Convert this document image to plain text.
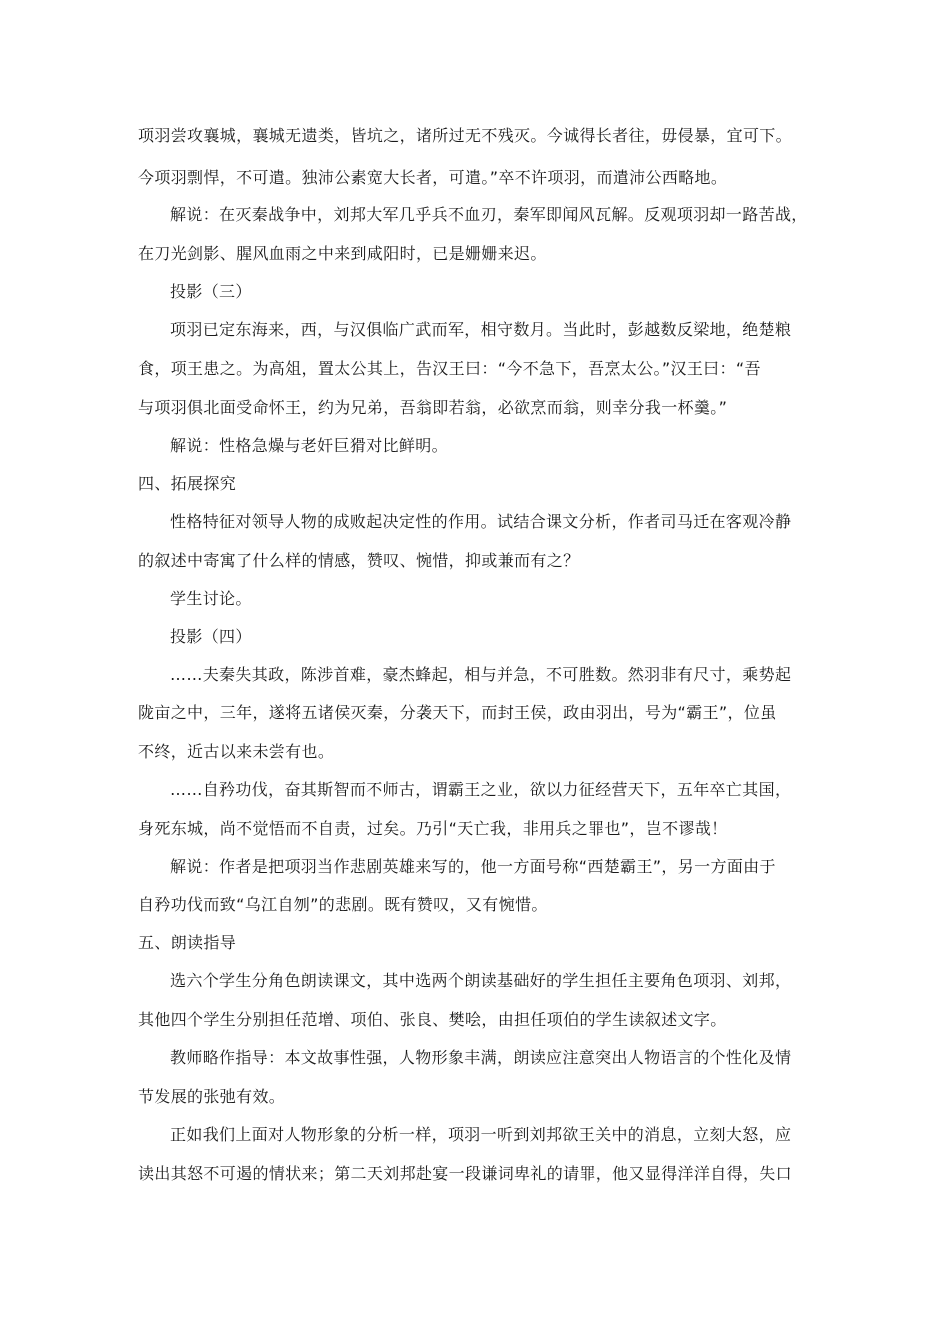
项羽尝攻襄城，襄城无遗类，皆坑之，诸所过无不残灭。今诚得长者往，毋侵暴，宜可下。
今项羽剽悍，不可遣。独沛公素宽大长者，可遣。”卒不许项羽，而遣沛公西略地。
解说：在灭秦战争中，刘邦大军几乎兵不血刃，秦军即闻风瓦解。反观项羽却一路苦战，
在刀光剑影、腥风血雨之中来到咸阳时，已是姗姗来迟。
投影（三）
项羽已定东海来，西，与汉俱临广武而军，相守数月。当此时，彭越数反梁地，绝楚粮
食，项王患之。为高俎，置太公其上，告汉王曰：“今不急下，吾烹太公。”汉王曰：“吾
与项羽俱北面受命怀王，约为兄弟，吾翁即若翁，必欲烹而翁，则幸分我一杯羹。”
解说：性格急燥与老奸巨猾对比鲜明。
四、拓展探究
性格特征对领导人物的成败起决定性的作用。试结合课文分析，作者司马迁在客观冷静
的叙述中寄寓了什么样的情感，赞叹、惋惜，抑或兼而有之？
学生讨论。
投影（四）
……夫秦失其政，陈涉首难，豪杰蜂起，相与并急，不可胜数。然羽非有尺寸，乘势起
陇亩之中，三年，遂将五诸侯灭秦，分袭天下，而封王侯，政由羽出，号为“霸王”，位虽
不终，近古以来未尝有也。
……自矜功伐，奋其斯智而不师古，谓霸王之业，欲以力征经营天下，五年卒亡其国，
身死东城，尚不觉悟而不自责，过矣。乃引“天亡我，非用兵之罪也”，岂不谬哉！
解说：作者是把项羽当作悲剧英雄来写的，他一方面号称“西楚霸王”，另一方面由于
自矜功伐而致“乌江自刎”的悲剧。既有赞叹，又有惋惜。
五、朗读指导
选六个学生分角色朗读课文，其中选两个朗读基础好的学生担任主要角色项羽、刘邦，
其他四个学生分别担任范增、项伯、张良、樊哙，由担任项伯的学生读叙述文字。
教师略作指导：本文故事性强，人物形象丰满，朗读应注意突出人物语言的个性化及情
节发展的张弛有效。
正如我们上面对人物形象的分析一样，项羽一听到刘邦欲王关中的消息，立刻大怒，应
读出其怒不可遏的情状来；第二天刘邦赴宴一段谦词卑礼的请罪，他又显得洋洋自得，失口
